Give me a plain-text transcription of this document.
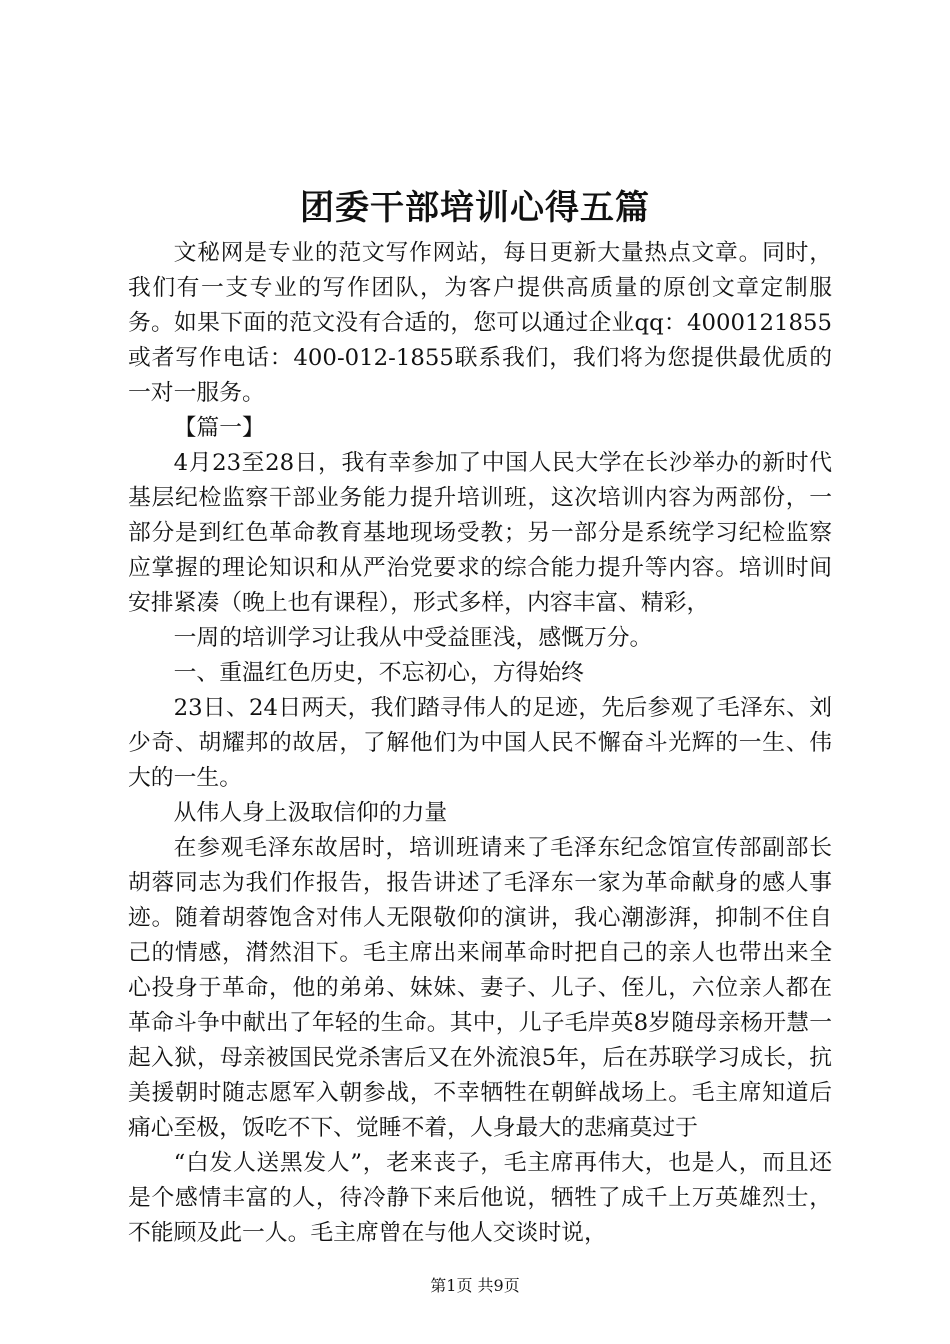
团委干部培训心得五篇

文秘网是专业的范文写作网站，每日更新大量热点文章。同时，我们有一支专业的写作团队，为客户提供高质量的原创文章定制服务。如果下面的范文没有合适的，您可以通过企业qq：4000121855或者写作电话：400-012-1855联系我们，我们将为您提供最优质的一对一服务。

【篇一】

4月23至28日，我有幸参加了中国人民大学在长沙举办的新时代基层纪检监察干部业务能力提升培训班，这次培训内容为两部份，一部分是到红色革命教育基地现场受教；另一部分是系统学习纪检监察应掌握的理论知识和从严治党要求的综合能力提升等内容。培训时间安排紧凑（晚上也有课程），形式多样，内容丰富、精彩，

一周的培训学习让我从中受益匪浅，感慨万分。

一、重温红色历史，不忘初心，方得始终

23日、24日两天，我们踏寻伟人的足迹，先后参观了毛泽东、刘少奇、胡耀邦的故居，了解他们为中国人民不懈奋斗光辉的一生、伟大的一生。

从伟人身上汲取信仰的力量

在参观毛泽东故居时，培训班请来了毛泽东纪念馆宣传部副部长胡蓉同志为我们作报告，报告讲述了毛泽东一家为革命献身的感人事迹。随着胡蓉饱含对伟人无限敬仰的演讲，我心潮澎湃，抑制不住自己的情感，潸然泪下。毛主席出来闹革命时把自己的亲人也带出来全心投身于革命，他的弟弟、妹妹、妻子、儿子、侄儿，六位亲人都在革命斗争中献出了年轻的生命。其中，儿子毛岸英8岁随母亲杨开慧一起入狱，母亲被国民党杀害后又在外流浪5年，后在苏联学习成长，抗美援朝时随志愿军入朝参战，不幸牺牲在朝鲜战场上。毛主席知道后痛心至极，饭吃不下、觉睡不着，人身最大的悲痛莫过于

“白发人送黑发人”，老来丧子，毛主席再伟大，也是人，而且还是个感情丰富的人，待冷静下来后他说，牺牲了成千上万英雄烈士，不能顾及此一人。毛主席曾在与他人交谈时说，

第1页 共9页
